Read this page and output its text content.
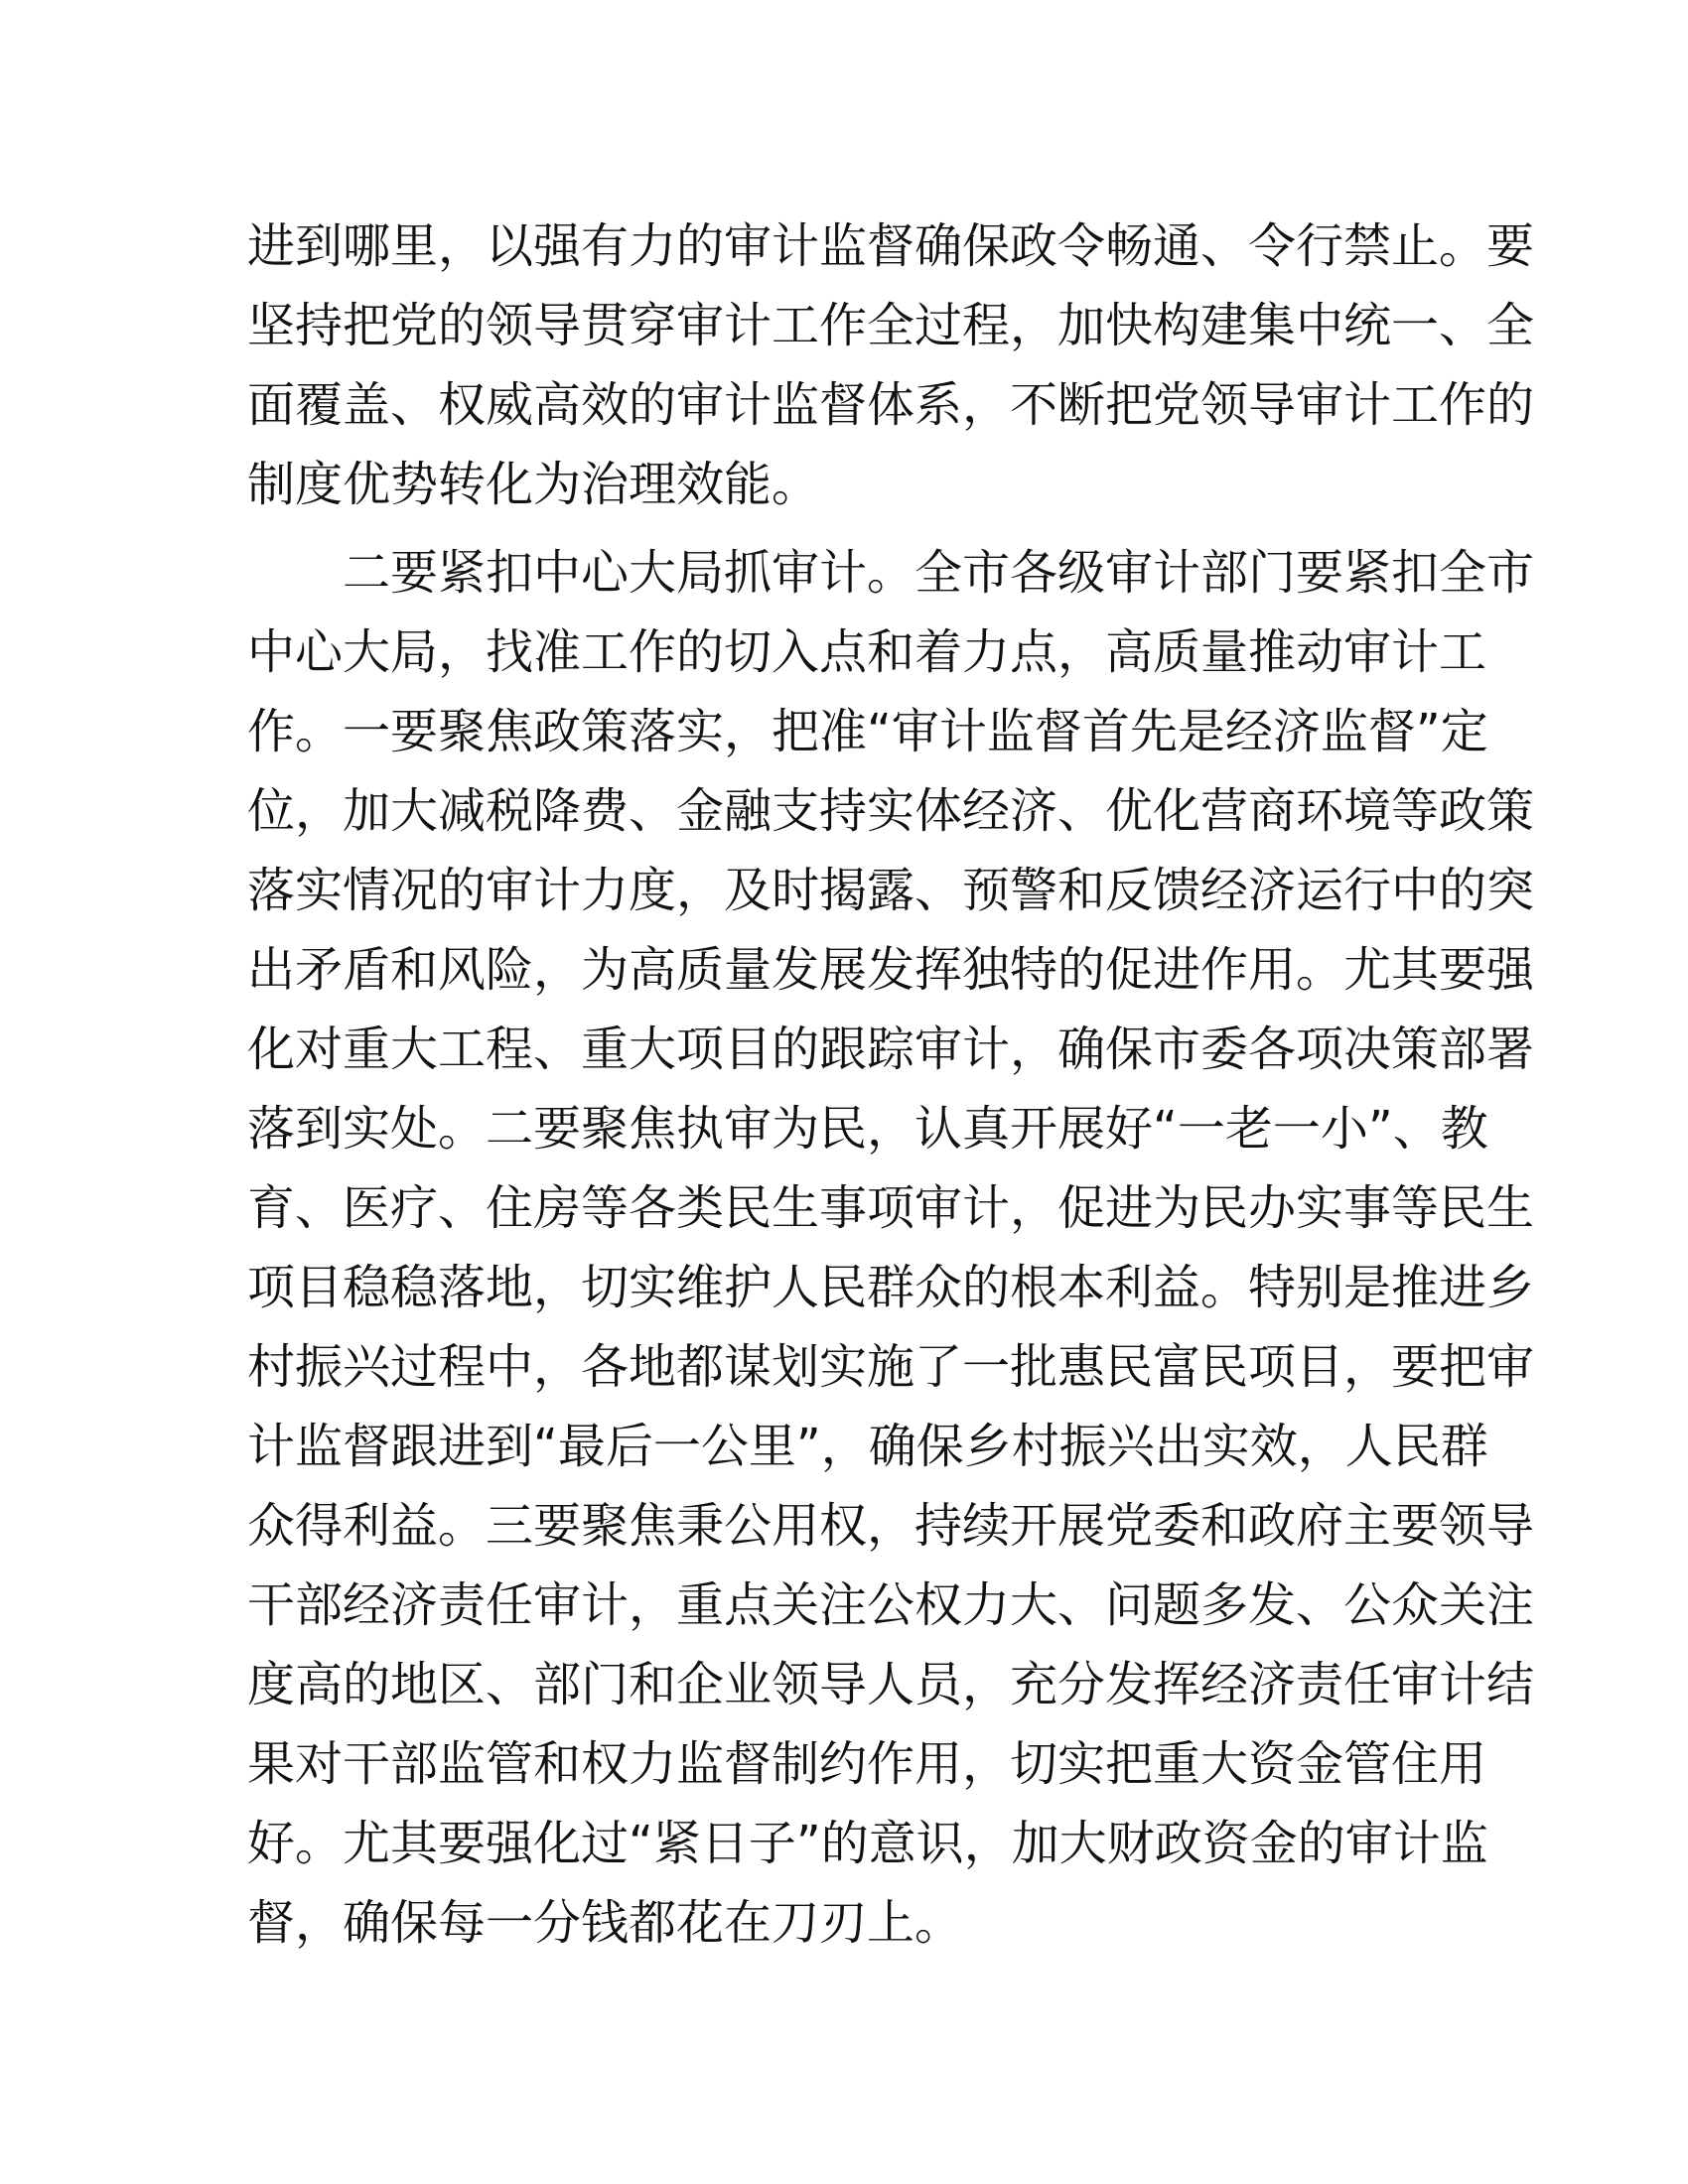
进到哪里，以强有力的审计监督确保政令畅通、令行禁止。要
坚持把党的领导贯穿审计工作全过程，加快构建集中统一、全
面覆盖、权威高效的审计监督体系，不断把党领导审计工作的
制度优势转化为治理效能。
二要紧扣中心大局抓审计。全市各级审计部门要紧扣全市
中心大局，找准工作的切入点和着力点，高质量推动审计工
作。一要聚焦政策落实，把准“审计监督首先是经济监督”定
位，加大减税降费、金融支持实体经济、优化营商环境等政策
落实情况的审计力度，及时揭露、预警和反馈经济运行中的突
出矛盾和风险，为高质量发展发挥独特的促进作用。尤其要强
化对重大工程、重大项目的跟踪审计，确保市委各项决策部署
落到实处。二要聚焦执审为民，认真开展好“一老一小”、教
育、医疗、住房等各类民生事项审计，促进为民办实事等民生
项目稳稳落地，切实维护人民群众的根本利益。特别是推进乡
村振兴过程中，各地都谋划实施了一批惠民富民项目，要把审
计监督跟进到“最后一公里”，确保乡村振兴出实效，人民群
众得利益。三要聚焦秉公用权，持续开展党委和政府主要领导
干部经济责任审计，重点关注公权力大、问题多发、公众关注
度高的地区、部门和企业领导人员，充分发挥经济责任审计结
果对干部监管和权力监督制约作用，切实把重大资金管住用
好。尤其要强化过“紧日子”的意识，加大财政资金的审计监
督，确保每一分钱都花在刀刃上。
